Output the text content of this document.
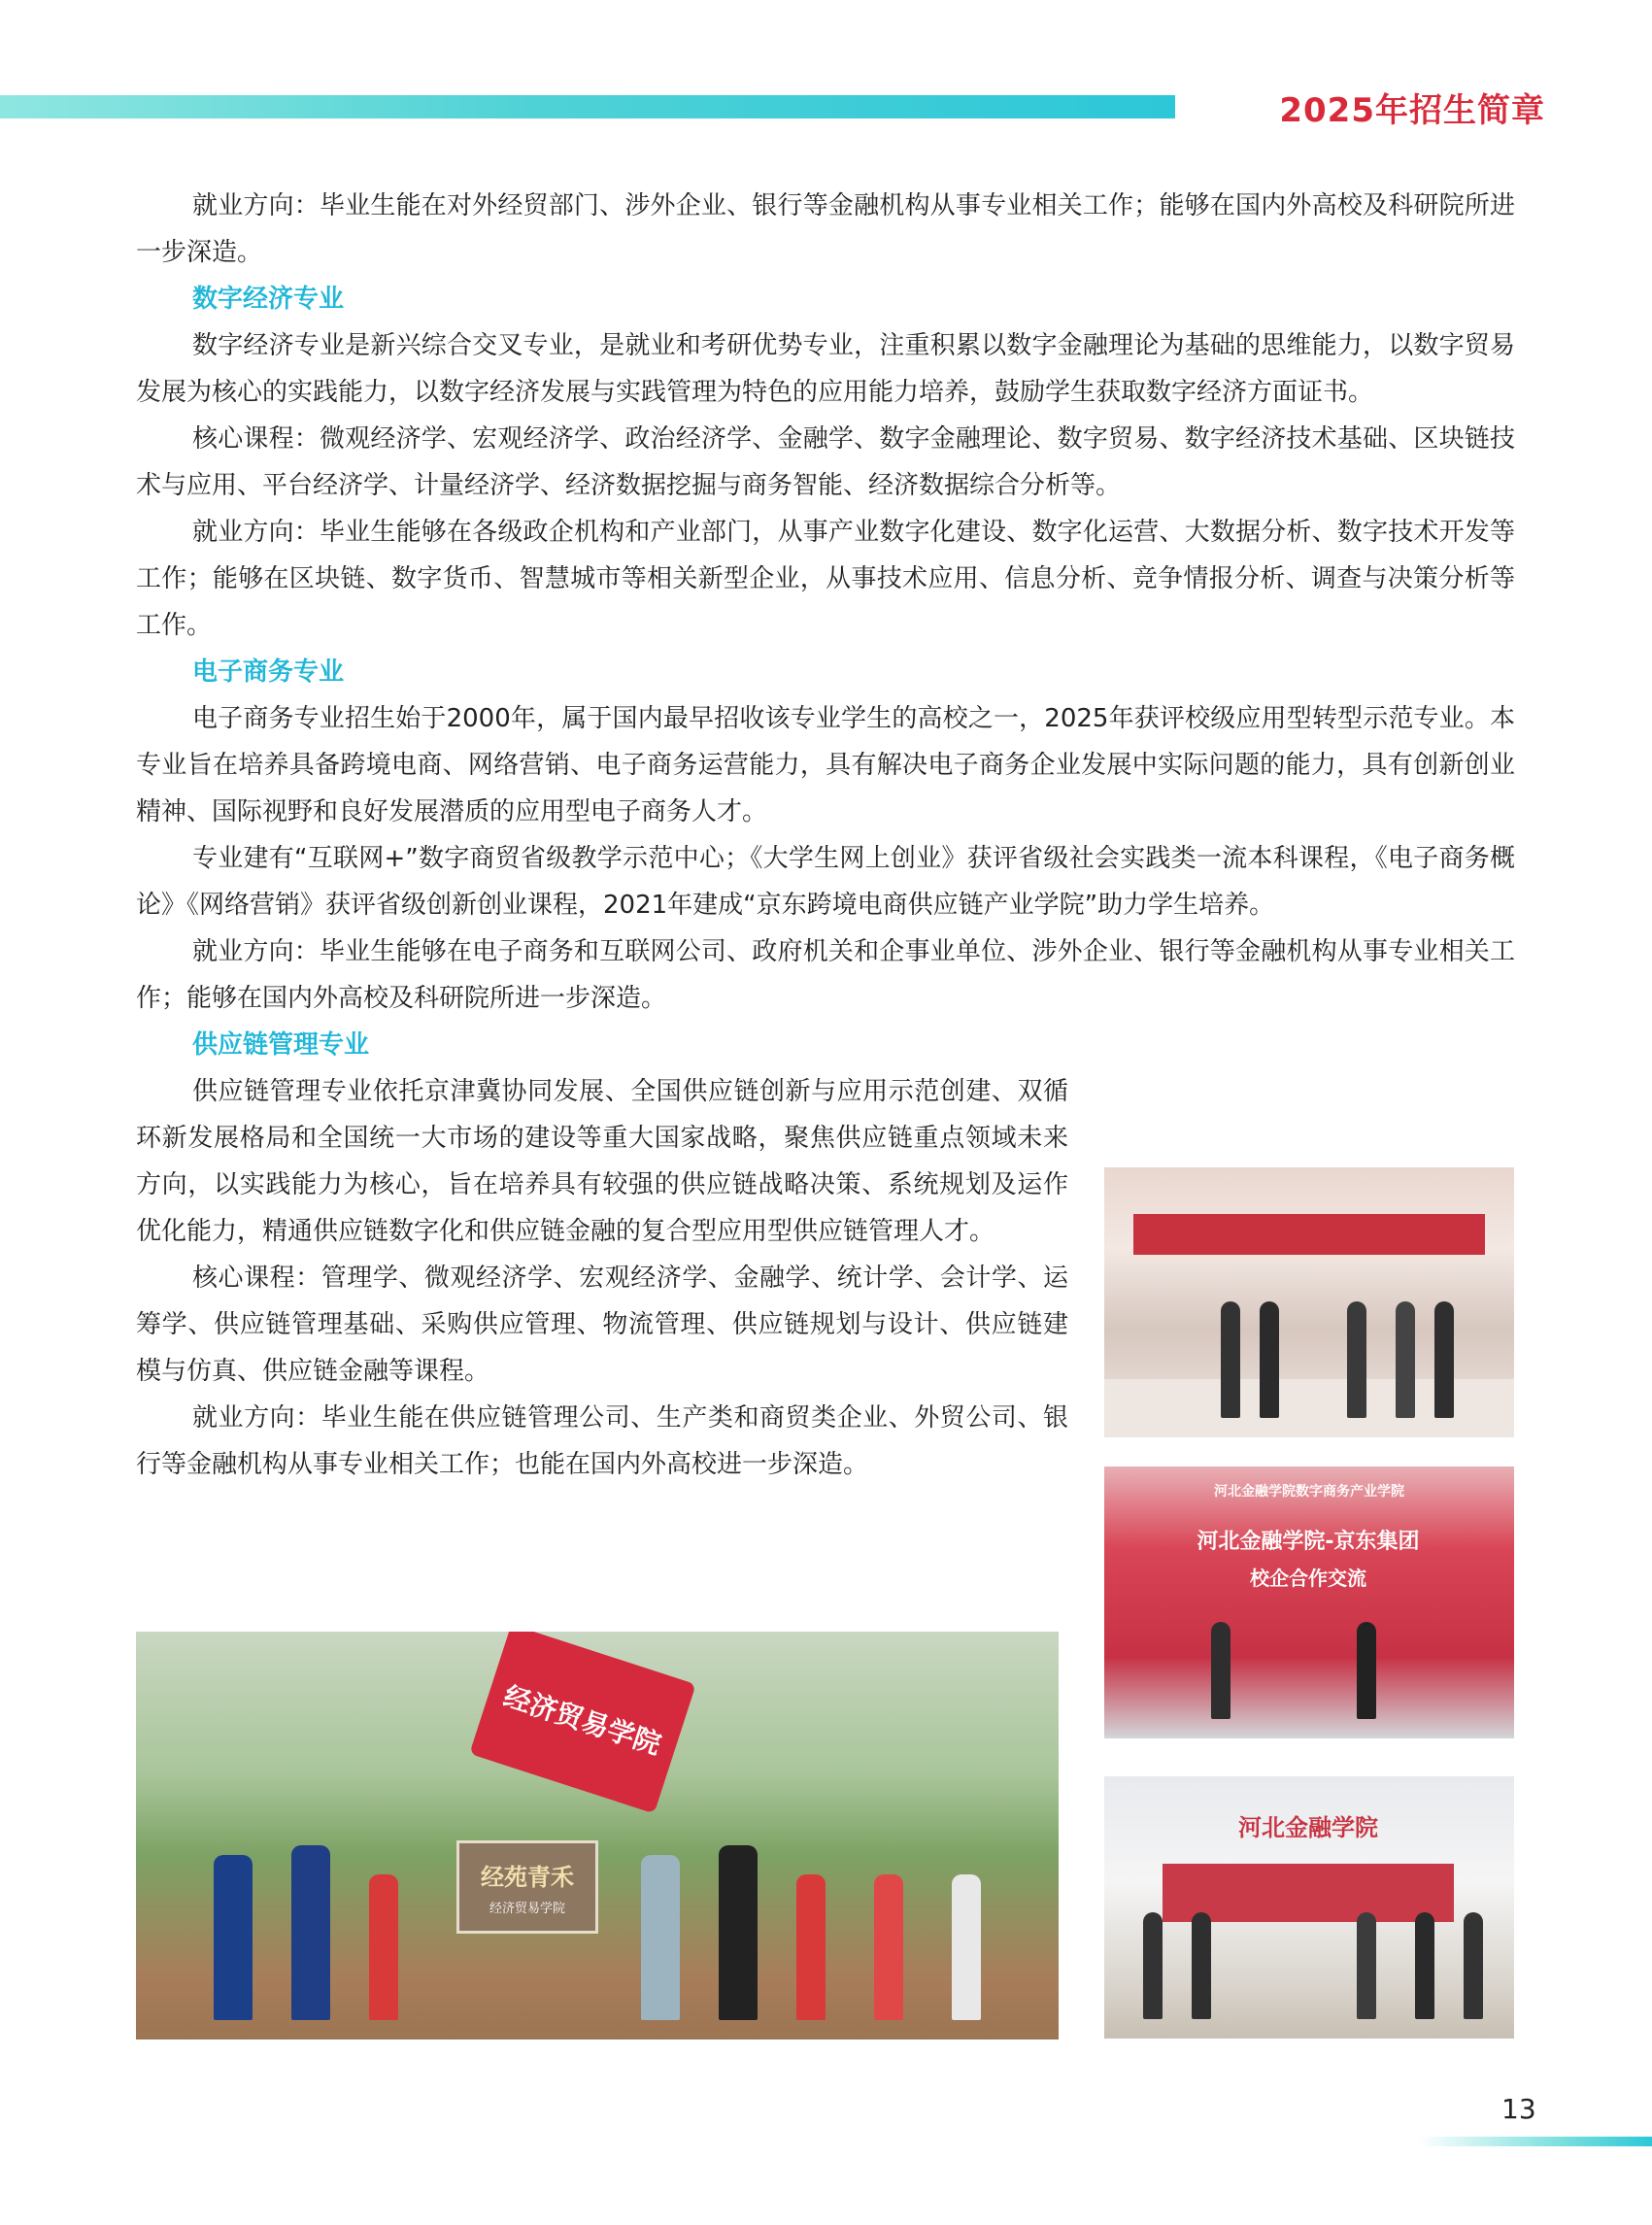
2025年招生简章

就业方向：毕业生能在对外经贸部门、涉外企业、银行等金融机构从事专业相关工作；能够在国内外高校及科研院所进一步深造。

数字经济专业

数字经济专业是新兴综合交叉专业，是就业和考研优势专业，注重积累以数字金融理论为基础的思维能力，以数字贸易发展为核心的实践能力，以数字经济发展与实践管理为特色的应用能力培养，鼓励学生获取数字经济方面证书。

核心课程：微观经济学、宏观经济学、政治经济学、金融学、数字金融理论、数字贸易、数字经济技术基础、区块链技术与应用、平台经济学、计量经济学、经济数据挖掘与商务智能、经济数据综合分析等。

就业方向：毕业生能够在各级政企机构和产业部门，从事产业数字化建设、数字化运营、大数据分析、数字技术开发等工作；能够在区块链、数字货币、智慧城市等相关新型企业，从事技术应用、信息分析、竞争情报分析、调查与决策分析等工作。

电子商务专业

电子商务专业招生始于2000年，属于国内最早招收该专业学生的高校之一，2025年获评校级应用型转型示范专业。本专业旨在培养具备跨境电商、网络营销、电子商务运营能力，具有解决电子商务企业发展中实际问题的能力，具有创新创业精神、国际视野和良好发展潜质的应用型电子商务人才。

专业建有“互联网+”数字商贸省级教学示范中心；《大学生网上创业》获评省级社会实践类一流本科课程，《电子商务概论》《网络营销》获评省级创新创业课程，2021年建成“京东跨境电商供应链产业学院”助力学生培养。

就业方向：毕业生能够在电子商务和互联网公司、政府机关和企事业单位、涉外企业、银行等金融机构从事专业相关工作；能够在国内外高校及科研院所进一步深造。

供应链管理专业

供应链管理专业依托京津冀协同发展、全国供应链创新与应用示范创建、双循环新发展格局和全国统一大市场的建设等重大国家战略，聚焦供应链重点领域未来方向，以实践能力为核心，旨在培养具有较强的供应链战略决策、系统规划及运作优化能力，精通供应链数字化和供应链金融的复合型应用型供应链管理人才。

核心课程：管理学、微观经济学、宏观经济学、金融学、统计学、会计学、运筹学、供应链管理基础、采购供应管理、物流管理、供应链规划与设计、供应链建模与仿真、供应链金融等课程。

就业方向：毕业生能在供应链管理公司、生产类和商贸类企业、外贸公司、银行等金融机构从事专业相关工作；也能在国内外高校进一步深造。

河北金融学院数字商务产业学院
河北金融学院-京东集团
校企合作交流
河北金融学院
经济贸易学院
经苑青禾
经济贸易学院
13
